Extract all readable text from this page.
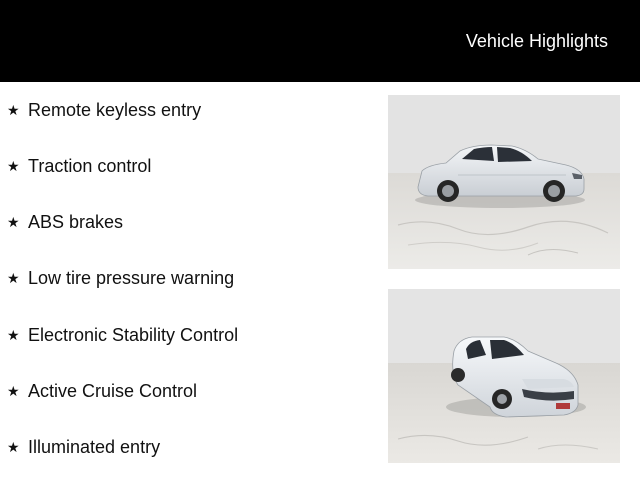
Vehicle Highlights
★ Remote keyless entry
★ Traction control
★ ABS brakes
★ Low tire pressure warning
★ Electronic Stability Control
★ Active Cruise Control
★ Illuminated entry
